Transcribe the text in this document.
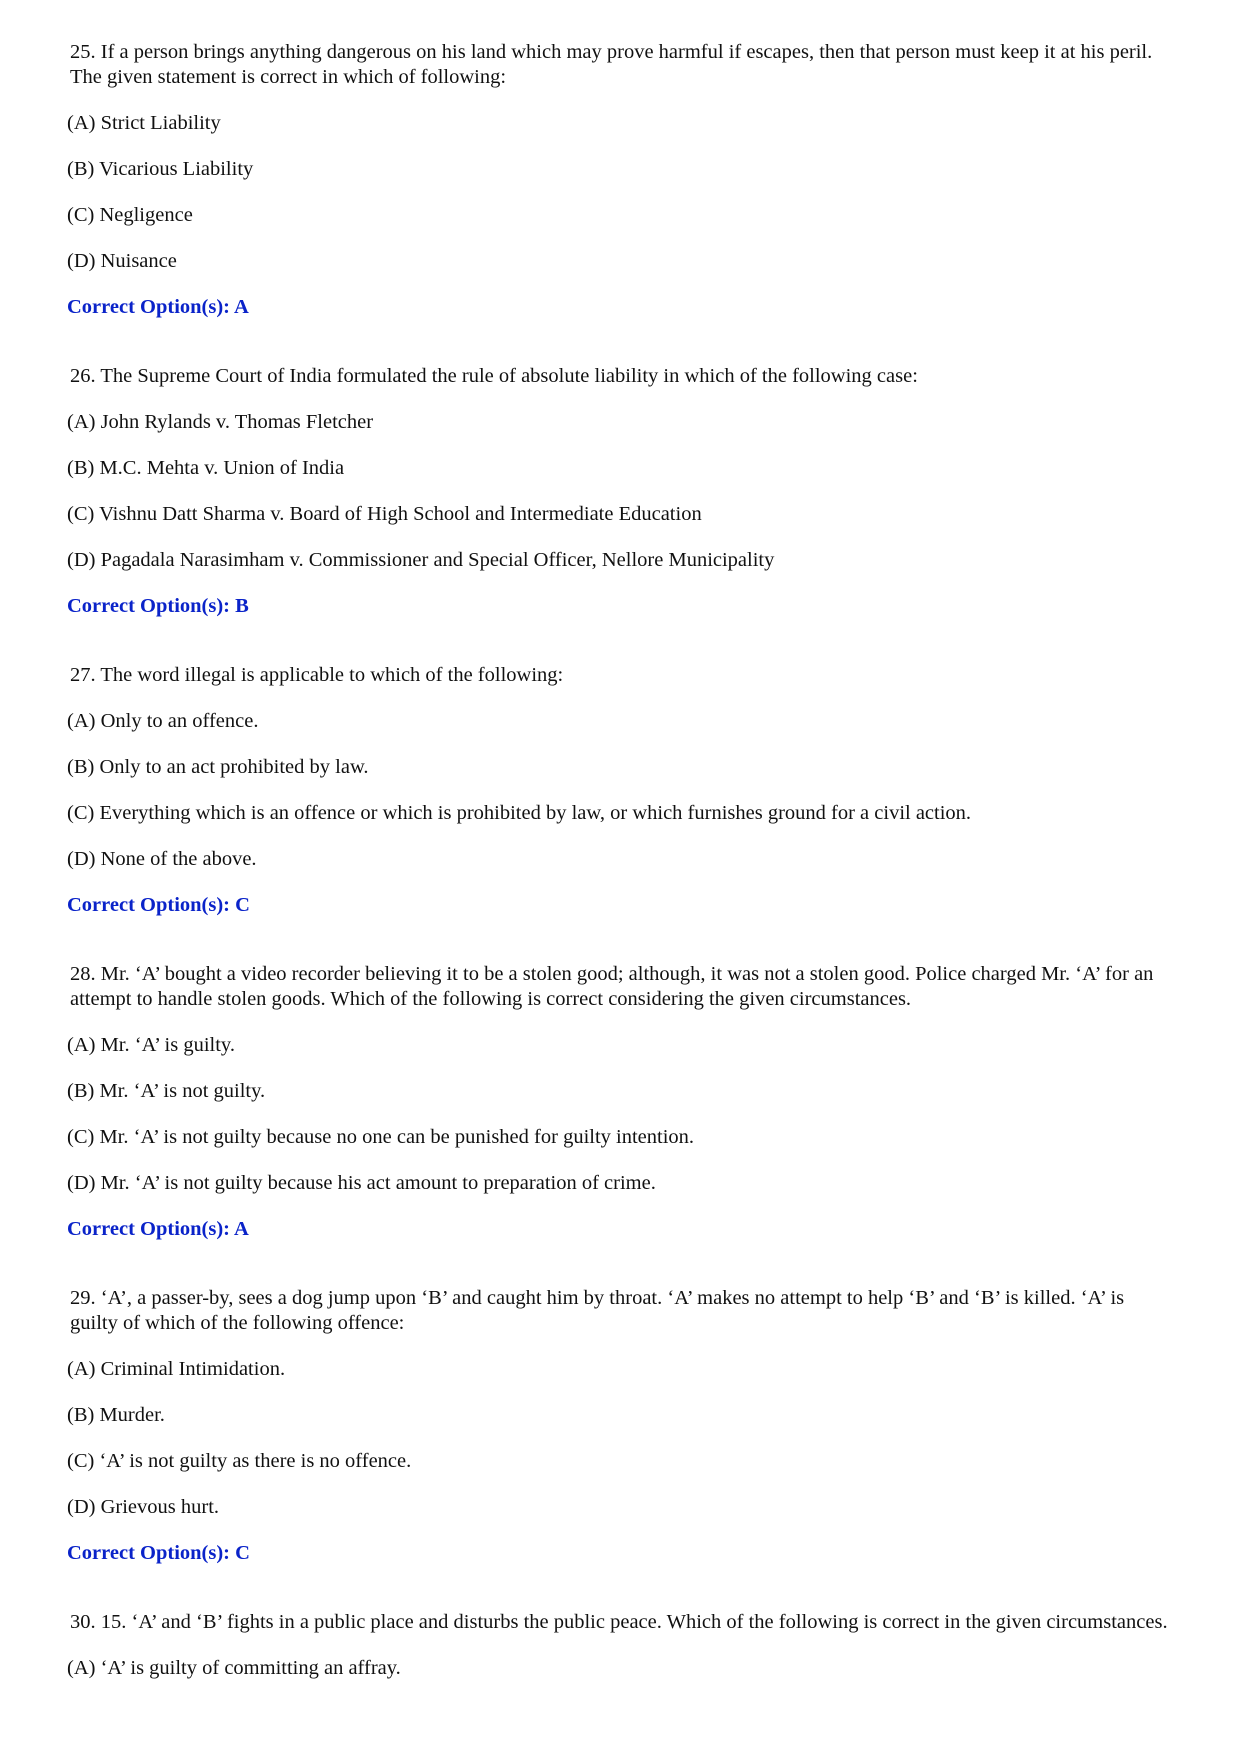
25. If a person brings anything dangerous on his land which may prove harmful if escapes, then that person must keep it at his peril. The given statement is correct in which of following:

(A) Strict Liability

(B) Vicarious Liability

(C) Negligence

(D) Nuisance

Correct Option(s): A

26. The Supreme Court of India formulated the rule of absolute liability in which of the following case:

(A) John Rylands v. Thomas Fletcher

(B) M.C. Mehta v. Union of India

(C) Vishnu Datt Sharma v. Board of High School and Intermediate Education

(D) Pagadala Narasimham v. Commissioner and Special Officer, Nellore Municipality

Correct Option(s): B

27. The word illegal is applicable to which of the following:

(A) Only to an offence.

(B) Only to an act prohibited by law.

(C) Everything which is an offence or which is prohibited by law, or which furnishes ground for a civil action.

(D) None of the above.

Correct Option(s): C

28. Mr. ‘A’ bought a video recorder believing it to be a stolen good; although, it was not a stolen good. Police charged Mr. ‘A’ for an attempt to handle stolen goods. Which of the following is correct considering the given circumstances.

(A) Mr. ‘A’ is guilty.

(B) Mr. ‘A’ is not guilty.

(C) Mr. ‘A’ is not guilty because no one can be punished for guilty intention.

(D) Mr. ‘A’ is not guilty because his act amount to preparation of crime.

Correct Option(s): A

29. ‘A’, a passer-by, sees a dog jump upon ‘B’ and caught him by throat. ‘A’ makes no attempt to help ‘B’ and ‘B’ is killed. ‘A’ is guilty of which of the following offence:

(A) Criminal Intimidation.

(B) Murder.

(C) ‘A’ is not guilty as there is no offence.

(D) Grievous hurt.

Correct Option(s): C

30. 15. ‘A’ and ‘B’ fights in a public place and disturbs the public peace. Which of the following is correct in the given circumstances.

(A) ‘A’ is guilty of committing an affray.
